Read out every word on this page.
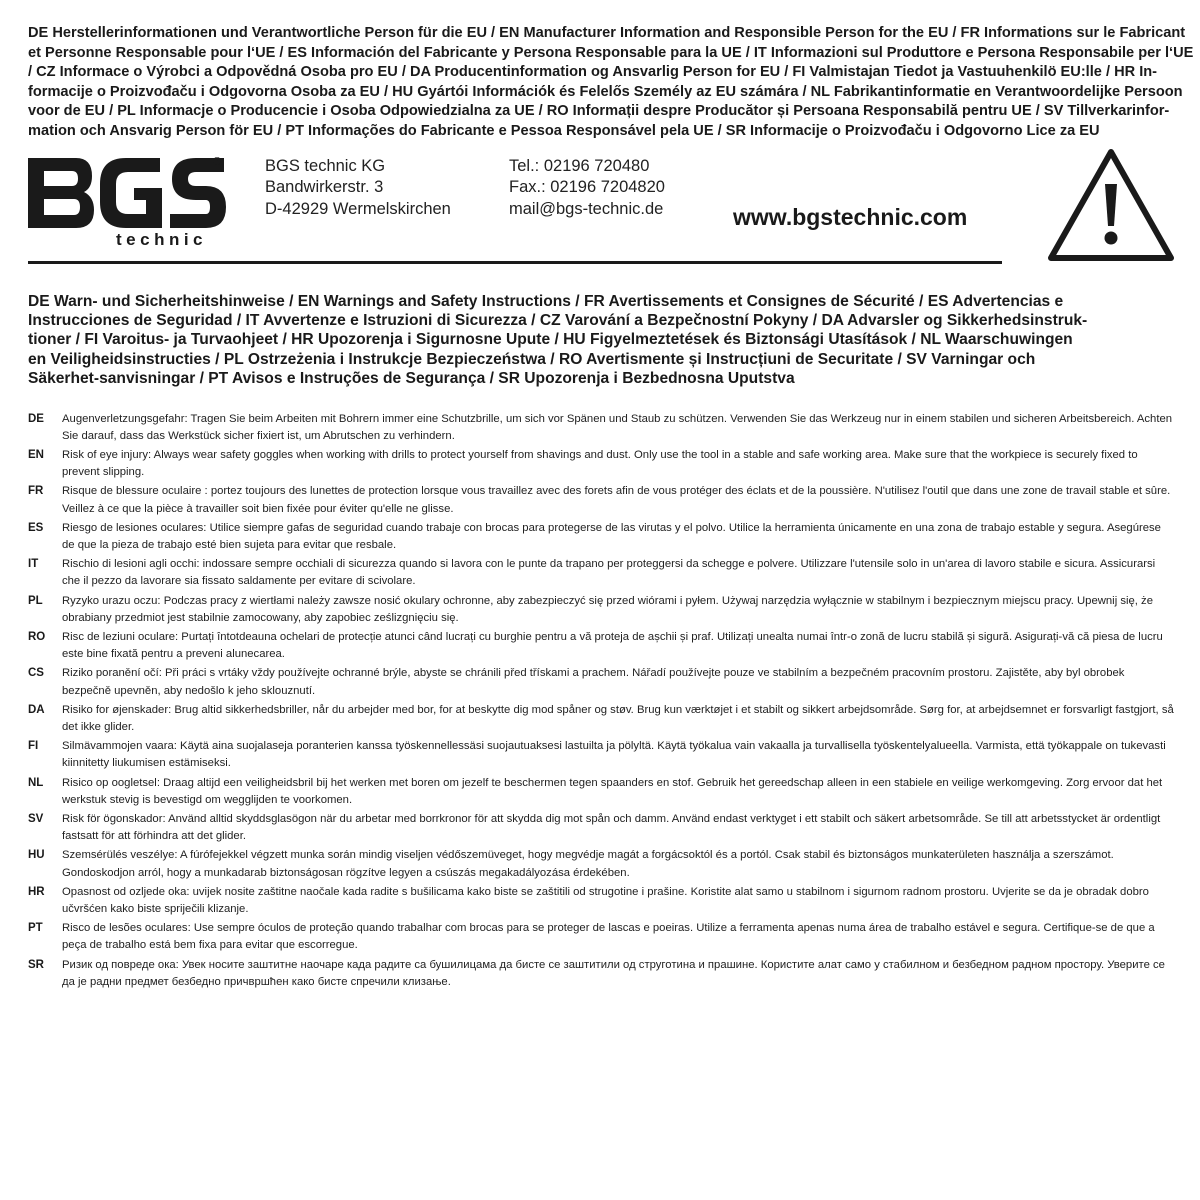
DE Herstellerinformationen und Verantwortliche Person für die EU / EN Manufacturer Information and Responsible Person for the EU / FR Informations sur le Fabricant

et Personne Responsable pour l‘UE / ES Información del Fabricante y Persona Responsable para la UE / IT Informazioni sul Produttore e Persona Responsabile per l‘UE

/ CZ Informace o Výrobci a Odpovědná Osoba pro EU / DA Producentinformation og Ansvarlig Person for EU / FI Valmistajan Tiedot ja Vastuuhenkilö EU:lle / HR In-

formacije o Proizvođaču i Odgovorna Osoba za EU / HU Gyártói Információk és Felelős Személy az EU számára / NL Fabrikantinformatie en Verantwoordelijke Persoon

voor de EU / PL Informacje o Producencie i Osoba Odpowiedzialna za UE / RO Informații despre Producător și Persoana Responsabilă pentru UE / SV Tillverkarinfor-

mation och Ansvarig Person för EU / PT Informações do Fabricante e Pessoa Responsável pela UE / SR Informacije o Proizvođaču i Odgovorno Lice za EU

®
technic
BGS technic KG
Bandwirkerstr. 3
D-42929 Wermelskirchen
Tel.: 02196 720480
Fax.: 02196 7204820
mail@bgs-technic.de	www.bgstechnic.com

DE Warn- und Sicherheitshinweise / EN Warnings and Safety Instructions / FR Avertissements et Consignes de Sécurité / ES Advertencias e

Instrucciones de Seguridad / IT Avvertenze e Istruzioni di Sicurezza / CZ Varování a Bezpečnostní Pokyny / DA Advarsler og Sikkerhedsinstruk-

tioner / FI Varoitus- ja Turvaohjeet / HR Upozorenja i Sigurnosne Upute / HU Figyelmeztetések és Biztonsági Utasítások / NL Waarschuwingen

en Veiligheidsinstructies / PL Ostrzeżenia i Instrukcje Bezpieczeństwa / RO Avertismente și Instrucțiuni de Securitate / SV Varningar och

Säkerhet-sanvisningar / PT Avisos e Instruções de Segurança / SR Upozorenja i Bezbednosna Uputstva

DE	Augenverletzungsgefahr: Tragen Sie beim Arbeiten mit Bohrern immer eine Schutzbrille, um sich vor Spänen und Staub zu schützen. Verwenden Sie das Werkzeug nur in einem stabilen und sicheren Arbeitsbereich. Achten Sie darauf, dass das Werkstück sicher fixiert ist, um Abrutschen zu verhindern.
EN	Risk of eye injury: Always wear safety goggles when working with drills to protect yourself from shavings and dust. Only use the tool in a stable and safe working area. Make sure that the workpiece is securely fixed to prevent slipping.
FR	Risque de blessure oculaire : portez toujours des lunettes de protection lorsque vous travaillez avec des forets afin de vous protéger des éclats et de la poussière. N'utilisez l'outil que dans une zone de travail stable et sûre. Veillez à ce que la pièce à travailler soit bien fixée pour éviter qu'elle ne glisse.
ES	Riesgo de lesiones oculares: Utilice siempre gafas de seguridad cuando trabaje con brocas para protegerse de las virutas y el polvo. Utilice la herramienta únicamente en una zona de trabajo estable y segura. Asegúrese de que la pieza de trabajo esté bien sujeta para evitar que resbale.
IT	Rischio di lesioni agli occhi: indossare sempre occhiali di sicurezza quando si lavora con le punte da trapano per proteggersi da schegge e polvere. Utilizzare l'utensile solo in un'area di lavoro stabile e sicura. Assicurarsi che il pezzo da lavorare sia fissato saldamente per evitare di scivolare.
PL	Ryzyko urazu oczu: Podczas pracy z wiertłami należy zawsze nosić okulary ochronne, aby zabezpieczyć się przed wiórami i pyłem. Używaj narzędzia wyłącznie w stabilnym i bezpiecznym miejscu pracy. Upewnij się, że obrabiany przedmiot jest stabilnie zamocowany, aby zapobiec ześlizgnięciu się.
RO	Risc de leziuni oculare: Purtați întotdeauna ochelari de protecție atunci când lucrați cu burghie pentru a vă proteja de așchii și praf. Utilizați unealta numai într-o zonă de lucru stabilă și sigură. Asigurați-vă că piesa de lucru este bine fixată pentru a preveni alunecarea.
CS	Riziko poranění očí: Při práci s vrtáky vždy používejte ochranné brýle, abyste se chránili před třískami a prachem. Nářadí používejte pouze ve stabilním a bezpečném pracovním prostoru. Zajistěte, aby byl obrobek bezpečně upevněn, aby nedošlo k jeho sklouznutí.
DA	Risiko for øjenskader: Brug altid sikkerhedsbriller, når du arbejder med bor, for at beskytte dig mod spåner og støv. Brug kun værktøjet i et stabilt og sikkert arbejdsområde. Sørg for, at arbejdsemnet er forsvarligt fastgjort, så det ikke glider.
FI	Silmävammojen vaara: Käytä aina suojalaseja poranterien kanssa työskennellessäsi suojautuaksesi lastuilta ja pölyltä. Käytä työkalua vain vakaalla ja turvallisella työskentelyalueella. Varmista, että työkappale on tukevasti kiinnitetty liukumisen estämiseksi.
NL	Risico op oogletsel: Draag altijd een veiligheidsbril bij het werken met boren om jezelf te beschermen tegen spaanders en stof. Gebruik het gereedschap alleen in een stabiele en veilige werkomgeving. Zorg ervoor dat het werkstuk stevig is bevestigd om wegglijden te voorkomen.
SV	Risk för ögonskador: Använd alltid skyddsglasögon när du arbetar med borrkronor för att skydda dig mot spån och damm. Använd endast verktyget i ett stabilt och säkert arbetsområde. Se till att arbetsstycket är ordentligt fastsatt för att förhindra att det glider.
HU	Szemsérülés veszélye: A fúrófejekkel végzett munka során mindig viseljen védőszemüveget, hogy megvédje magát a forgácsoktól és a portól. Csak stabil és biztonságos munkaterületen használja a szerszámot. Gondoskodjon arról, hogy a munkadarab biztonságosan rögzítve legyen a csúszás megakadályozása érdekében.
HR	Opasnost od ozljede oka: uvijek nosite zaštitne naočale kada radite s bušilicama kako biste se zaštitili od strugotine i prašine. Koristite alat samo u stabilnom i sigurnom radnom prostoru. Uvjerite se da je obradak dobro učvršćen kako biste spriječili klizanje.
PT	Risco de lesões oculares: Use sempre óculos de proteção quando trabalhar com brocas para se proteger de lascas e poeiras. Utilize a ferramenta apenas numa área de trabalho estável e segura. Certifique-se de que a peça de trabalho está bem fixa para evitar que escorregue.
SR	Ризик од повреде ока: Увек носите заштитне наочаре када радите са бушилицама да бисте се заштитили од струготина и прашине. Користите алат само у стабилном и безбедном радном простору. Уверите се да је радни предмет безбедно причвршћен како бисте спречили клизање.
